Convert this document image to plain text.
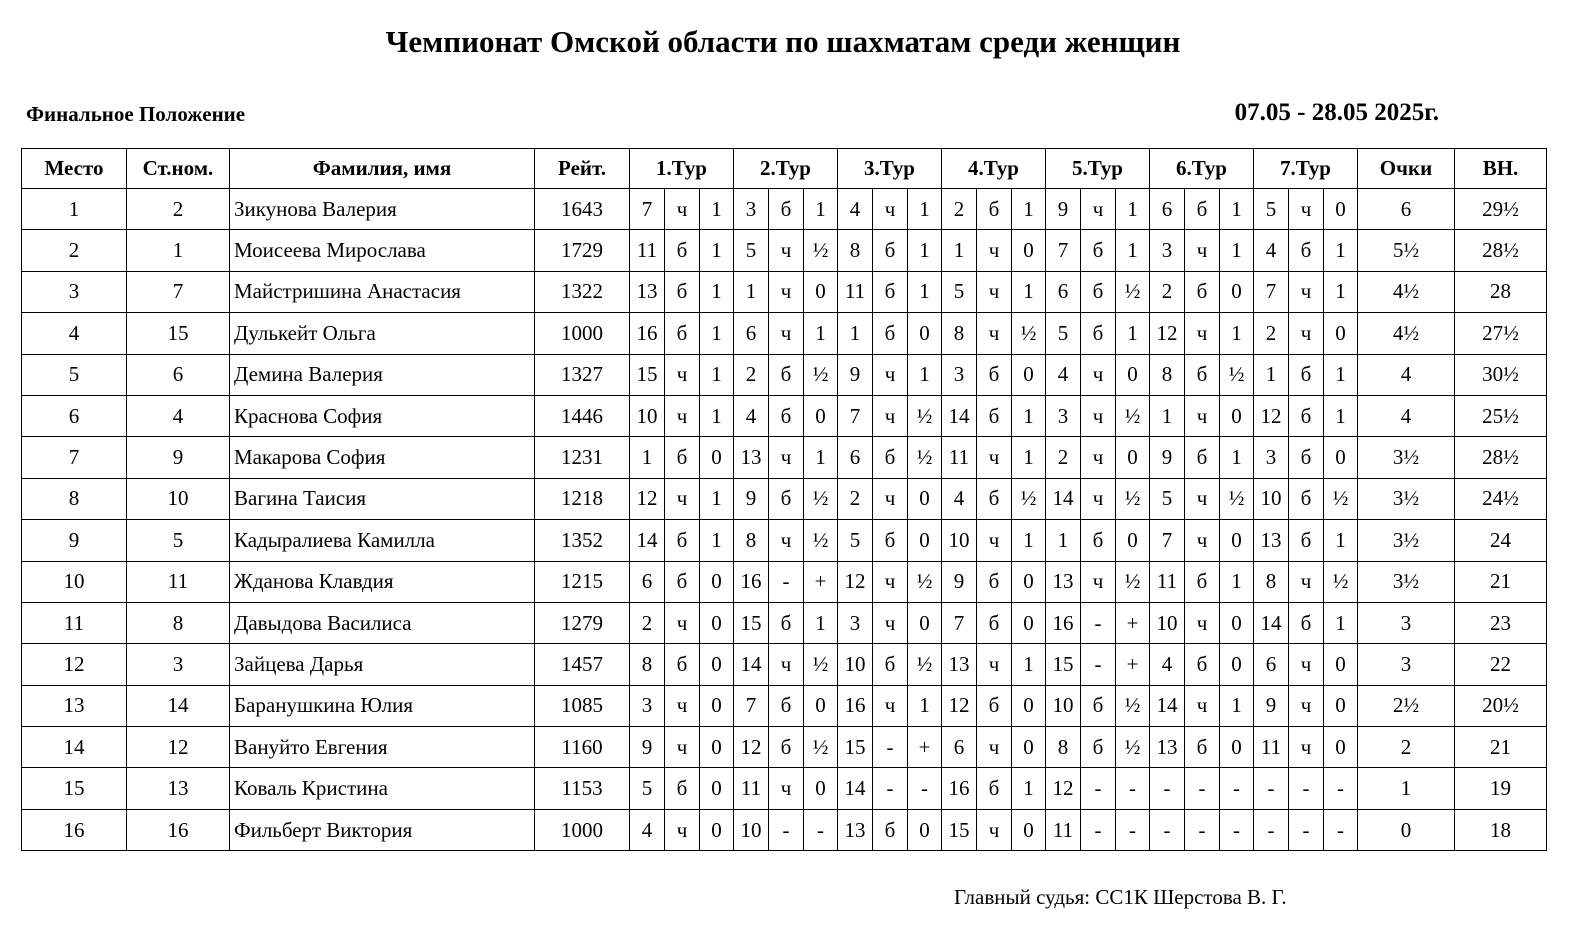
Чемпионат Омской области по шахматам среди женщин
Финальное Положение	07.05 - 28.05 2025г.
Место	Ст.ном.	Фамилия, имя	Рейт.	1.Тур			2.Тур			3.Тур			4.Тур			5.Тур			6.Тур			7.Тур			Очки	ВН.
1	2	Зикунова Валерия	1643	7	ч	1	3	б	1	4	ч	1	2	б	1	9	ч	1	6	б	1	5	ч	0	6	29½
2	1	Моисеева Мирослава	1729	11	б	1	5	ч	½	8	б	1	1	ч	0	7	б	1	3	ч	1	4	б	1	5½	28½
3	7	Майстришина Анастасия	1322	13	б	1	1	ч	0	11	б	1	5	ч	1	6	б	½	2	б	0	7	ч	1	4½	28
4	15	Дулькейт Ольга	1000	16	б	1	6	ч	1	1	б	0	8	ч	½	5	б	1	12	ч	1	2	ч	0	4½	27½
5	6	Демина Валерия	1327	15	ч	1	2	б	½	9	ч	1	3	б	0	4	ч	0	8	б	½	1	б	1	4	30½
6	4	Краснова София	1446	10	ч	1	4	б	0	7	ч	½	14	б	1	3	ч	½	1	ч	0	12	б	1	4	25½
7	9	Макарова София	1231	1	б	0	13	ч	1	6	б	½	11	ч	1	2	ч	0	9	б	1	3	б	0	3½	28½
8	10	Вагина Таисия	1218	12	ч	1	9	б	½	2	ч	0	4	б	½	14	ч	½	5	ч	½	10	б	½	3½	24½
9	5	Кадыралиева Камилла	1352	14	б	1	8	ч	½	5	б	0	10	ч	1	1	б	0	7	ч	0	13	б	1	3½	24
10	11	Жданова Клавдия	1215	6	б	0	16	-	+	12	ч	½	9	б	0	13	ч	½	11	б	1	8	ч	½	3½	21
11	8	Давыдова Василиса	1279	2	ч	0	15	б	1	3	ч	0	7	б	0	16	-	+	10	ч	0	14	б	1	3	23
12	3	Зайцева Дарья	1457	8	б	0	14	ч	½	10	б	½	13	ч	1	15	-	+	4	б	0	6	ч	0	3	22
13	14	Баранушкина Юлия	1085	3	ч	0	7	б	0	16	ч	1	12	б	0	10	б	½	14	ч	1	9	ч	0	2½	20½
14	12	Вануйто Евгения	1160	9	ч	0	12	б	½	15	-	+	6	ч	0	8	б	½	13	б	0	11	ч	0	2	21
15	13	Коваль Кристина	1153	5	б	0	11	ч	0	14	-	-	16	б	1	12	-	-	-	-	-	-	-	-	1	19
16	16	Фильберт Виктория	1000	4	ч	0	10	-	-	13	б	0	15	ч	0	11	-	-	-	-	-	-	-	-	0	18
Главный судья: СС1К Шерстова В. Г.
